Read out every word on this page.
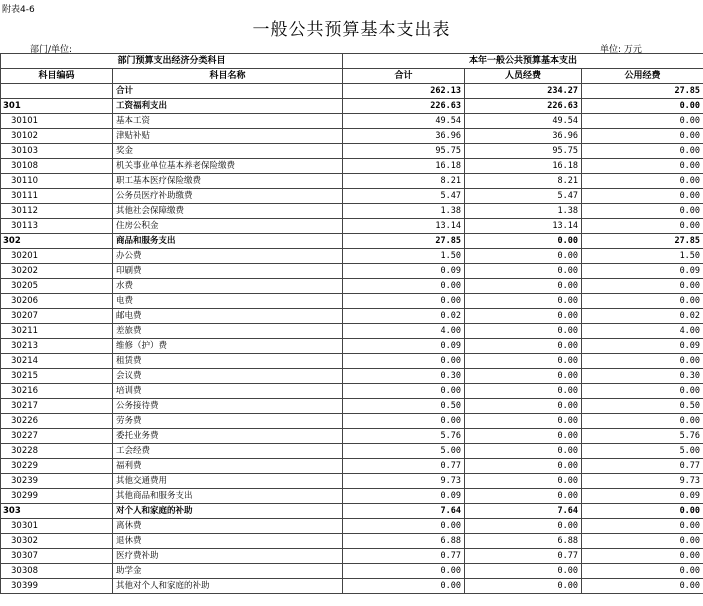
附表4-6
一般公共预算基本支出表
部门/单位:	单位: 万元
部门预算支出经济分类科目		本年一般公共预算基本支出		
科目编码	科目名称	合计	人员经费	公用经费
	合计	262.13	234.27	27.85
301	工资福利支出	226.63	226.63	0.00
30101	基本工资	49.54	49.54	0.00
30102	津贴补贴	36.96	36.96	0.00
30103	奖金	95.75	95.75	0.00
30108	机关事业单位基本养老保险缴费	16.18	16.18	0.00
30110	职工基本医疗保险缴费	8.21	8.21	0.00
30111	公务员医疗补助缴费	5.47	5.47	0.00
30112	其他社会保障缴费	1.38	1.38	0.00
30113	住房公积金	13.14	13.14	0.00
302	商品和服务支出	27.85	0.00	27.85
30201	办公费	1.50	0.00	1.50
30202	印刷费	0.09	0.00	0.09
30205	水费	0.00	0.00	0.00
30206	电费	0.00	0.00	0.00
30207	邮电费	0.02	0.00	0.02
30211	差旅费	4.00	0.00	4.00
30213	维修（护）费	0.09	0.00	0.09
30214	租赁费	0.00	0.00	0.00
30215	会议费	0.30	0.00	0.30
30216	培训费	0.00	0.00	0.00
30217	公务接待费	0.50	0.00	0.50
30226	劳务费	0.00	0.00	0.00
30227	委托业务费	5.76	0.00	5.76
30228	工会经费	5.00	0.00	5.00
30229	福利费	0.77	0.00	0.77
30239	其他交通费用	9.73	0.00	9.73
30299	其他商品和服务支出	0.09	0.00	0.09
303	对个人和家庭的补助	7.64	7.64	0.00
30301	离休费	0.00	0.00	0.00
30302	退休费	6.88	6.88	0.00
30307	医疗费补助	0.77	0.77	0.00
30308	助学金	0.00	0.00	0.00
30399	其他对个人和家庭的补助	0.00	0.00	0.00
